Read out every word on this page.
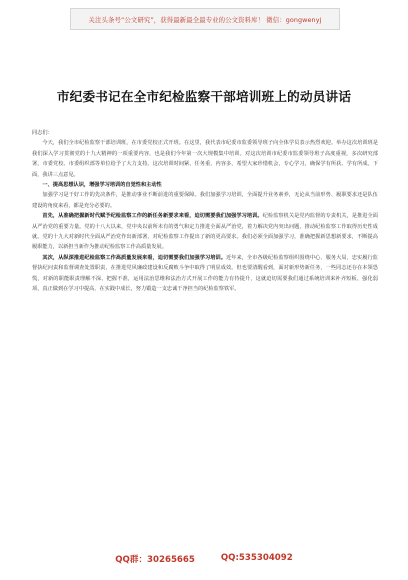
关注头条号“公文研究”，获得最新最全最专业的公文资料库！ 微信：gongwenyj
市纪委书记在全市纪检监察干部培训班上的动员讲话

同志们：

今天，我们全市纪检监察干部培训班，在市委党校正式开班。在这里，我代表市纪委市监委领导班子向全体学员表示热烈欢迎。举办这次培训班是我们深入学习贯彻党的十九大精神的一项重要内容，也是我们今年第一次大规模集中培训。对这次培训市纪委市监委领导班子高度重视，多次研究部署，市委党校、市委组织部等单位给予了大力支持。这次培训时间紧、任务重、内容多，希望大家珍惜机会，专心学习，确保学有所获、学有所成。下面，我讲三点意见。

一、提高思想认识，增强学习培训的自觉性和主动性

加强学习是干好工作的先决条件，是推动事业不断前进的重要保障。我们加强学习培训，全面提升业务素养，无论从当前形势、履职要求还是队伍建设的角度来看，都是充分必要的。

首先，从准确把握新时代赋予纪检监察工作的新任务新要求来看，迫切需要我们加强学习培训。纪检监察机关是党内监督的专责机关，是推进全面从严治党的重要力量。党的十八大以来，党中央以前所未有的勇气和定力推进全面从严治党，着力解决党内突出问题，推动纪检监察工作取得历史性成就。党的十九大对新时代全面从严治党作出新部署，对纪检监察工作提出了新的更高要求。我们必须全面加强学习，准确把握新思想新要求，不断提高履职能力，以新担当新作为推动纪检监察工作高质量发展。

其次，从纵深推进纪检监察工作高质量发展来看，迫切需要我们加强学习培训。近年来，全市各级纪检监察组织围绕中心、服务大局，忠实履行监督执纪问责和监督调查处置职责，在推进党风廉政建设和反腐败斗争中取得了明显成效。但也要清醒看到，面对新形势新任务，一些同志还存在本领恐慌，对新的职能职责理解不深、把握不准，运用法治思维和法治方式开展工作的能力有待提升，这就迫切需要我们通过系统培训来补齐短板、强化弱项，真正做到在学习中提高、在实践中成长，努力锻造一支忠诚干净担当的纪检监察铁军。

QQ群：30265665	QQ:535304092
